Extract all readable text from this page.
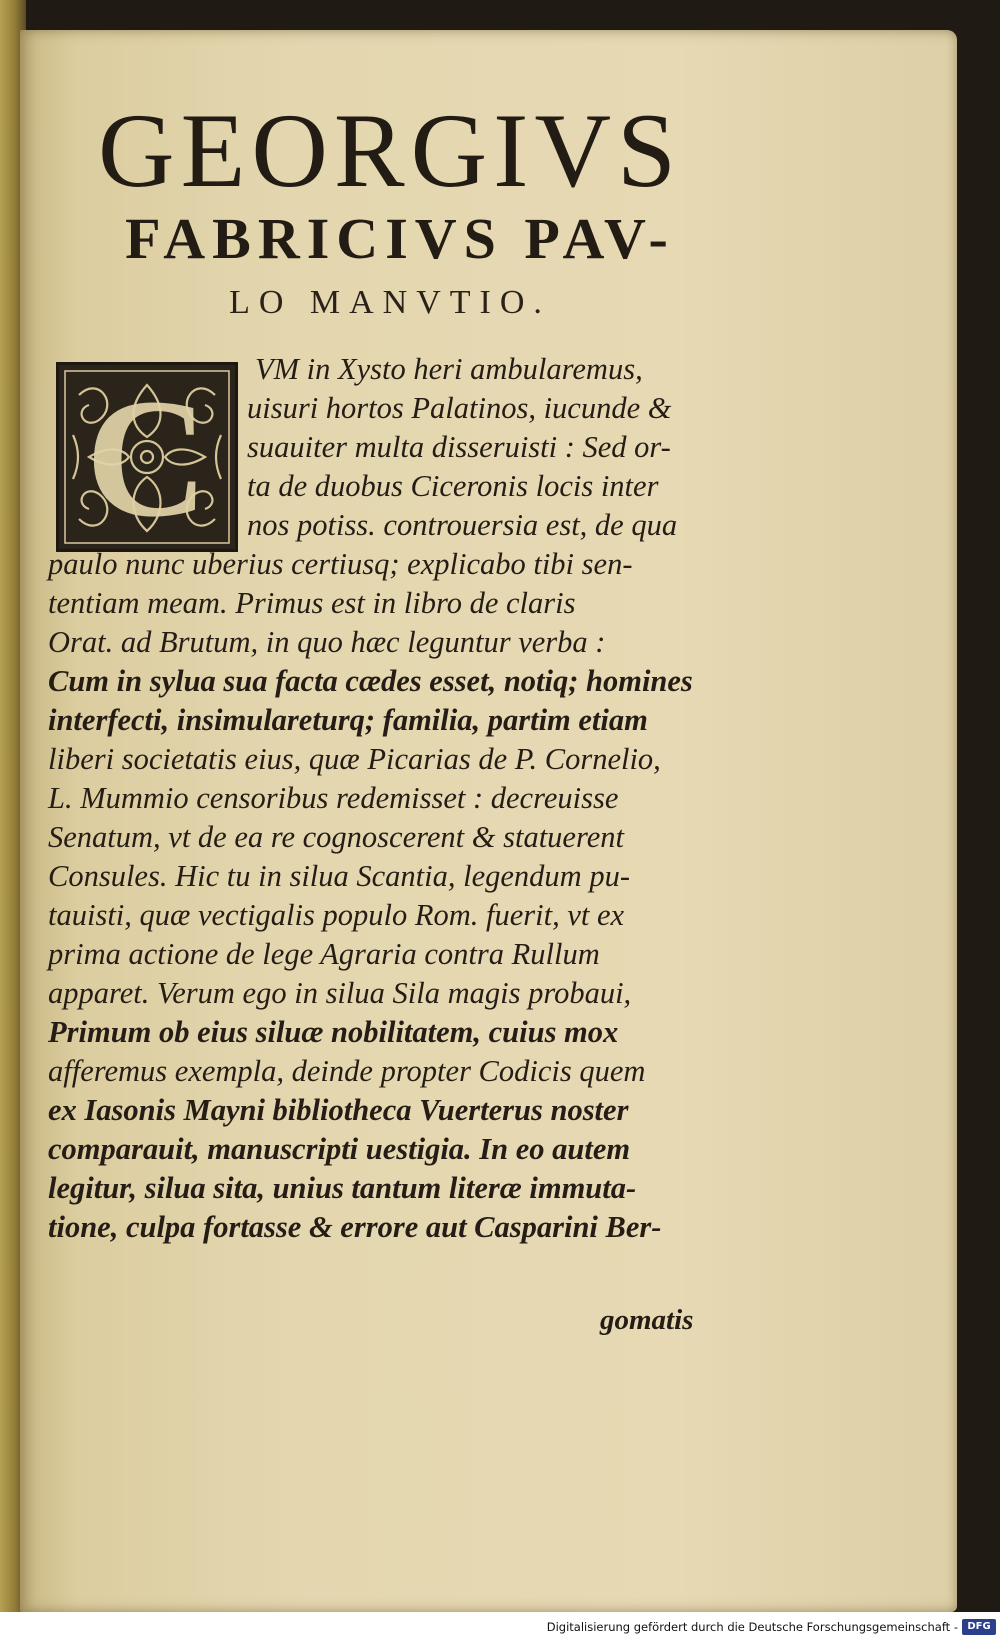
GEORGIVS
FABRICIVS PAV-
LO MANVTIO.
C VM in Xysto heri ambularemus,
uisuri hortos Palatinos, iucunde &
suauiter multa disseruisti : Sed or-
ta de duobus Ciceronis locis inter
nos potiss. controuersia est, de qua
paulo nunc uberius certiusq; explicabo tibi sen-
tentiam meam. Primus est in libro de claris
Orat. ad Brutum, in quo hæc leguntur verba :
Cum in sylua sua facta cædes esset, notiq; homines
interfecti, insimulareturq; familia, partim etiam
liberi societatis eius, quæ Picarias de P. Cornelio,
L. Mummio censoribus redemisset : decreuisse
Senatum, vt de ea re cognoscerent & statuerent
Consules. Hic tu in silua Scantia, legendum pu-
tauisti, quæ vectigalis populo Rom. fuerit, vt ex
prima actione de lege Agraria contra Rullum
apparet. Verum ego in silua Sila magis probaui,
Primum ob eius siluæ nobilitatem, cuius mox
afferemus exempla, deinde propter Codicis quem
ex Iasonis Mayni bibliotheca Vuerterus noster
comparauit, manuscripti uestigia. In eo autem
legitur, silua sita, unius tantum literæ immuta-
tione, culpa fortasse & errore aut Casparini Ber-
gomatis
Digitalisierung gefördert durch die Deutsche Forschungsgemeinschaft - DFG
